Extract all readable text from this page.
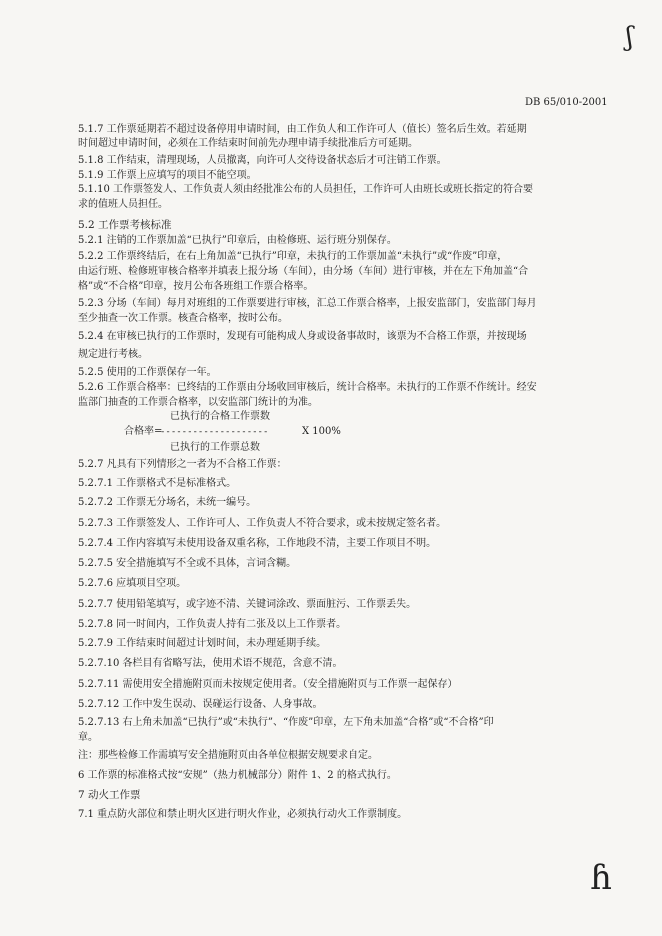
DB 65/010-2001
ʃ
ɦ
5.1.7 工作票延期若不超过设备停用申请时间，由工作负人和工作许可人（值长）签名后生效。若延期
时间超过申请时间，必须在工作结束时间前先办理申请手续批准后方可延期。
5.1.8 工作结束，清理现场，人员撤离，向许可人交待设备状态后才可注销工作票。
5.1.9 工作票上应填写的项目不能空项。
5.1.10 工作票签发人、工作负责人须由经批准公布的人员担任，工作许可人由班长或班长指定的符合要
求的值班人员担任。
5.2 工作票考核标准
5.2.1 注销的工作票加盖“已执行”印章后，由检修班、运行班分别保存。
5.2.2 工作票终结后，在右上角加盖“已执行”印章，未执行的工作票加盖“未执行”或“作废”印章，
由运行班、检修班审核合格率并填表上报分场（车间），由分场（车间）进行审核，并在左下角加盖“合
格”或“不合格”印章，按月公布各班组工作票合格率。
5.2.3 分场（车间）每月对班组的工作票要进行审核，汇总工作票合格率，上报安监部门，安监部门每月
至少抽查一次工作票。核查合格率，按时公布。
5.2.4 在审核已执行的工作票时，发现有可能构成人身或设备事故时，该票为不合格工作票，并按现场
规定进行考核。
5.2.5 使用的工作票保存一年。
5.2.6 工作票合格率：已终结的工作票由分场收回审核后，统计合格率。未执行的工作票不作统计。经安
监部门抽查的工作票合格率，以安监部门统计的为准。
已执行的合格工作票数
合格率=
--------------------	X 100%
已执行的工作票总数
5.2.7 凡具有下列情形之一者为不合格工作票：
5.2.7.1 工作票格式不是标准格式。
5.2.7.2 工作票无分场名，未统一编号。
5.2.7.3 工作票签发人、工作许可人、工作负责人不符合要求，或未按规定签名者。
5.2.7.4 工作内容填写未使用设备双重名称，工作地段不清，主要工作项目不明。
5.2.7.5 安全措施填写不全或不具体，言词含糊。
5.2.7.6 应填项目空项。
5.2.7.7 使用铅笔填写，或字迹不清、关键词涂改、票面脏污、工作票丢失。
5.2.7.8 同一时间内，工作负责人持有二张及以上工作票者。
5.2.7.9 工作结束时间超过计划时间，未办理延期手续。
5.2.7.10 各栏目有省略写法，使用术语不规范，含意不清。
5.2.7.11 需使用安全措施附页而未按规定使用者。（安全措施附页与工作票一起保存）
5.2.7.12 工作中发生误动、误碰运行设备、人身事故。
5.2.7.13 右上角未加盖“已执行”或“未执行”、“作废”印章，左下角未加盖“合格”或“不合格”印
章。
注：那些检修工作需填写安全措施附页由各单位根据安规要求自定。
6 工作票的标准格式按“安规”（热力机械部分）附件 1、2 的格式执行。
7 动火工作票
7.1 重点防火部位和禁止明火区进行明火作业，必须执行动火工作票制度。
